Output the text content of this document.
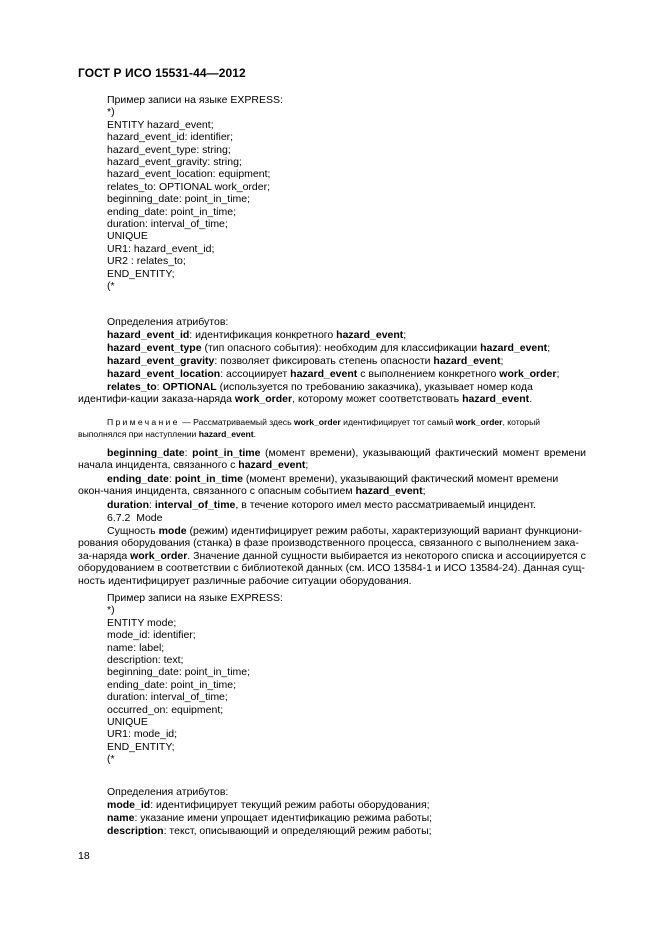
ГОСТ Р ИСО 15531-44—2012
Пример записи на языке EXPRESS:
*)
ENTITY hazard_event;
hazard_event_id: identifier;
hazard_event_type: string;
hazard_event_gravity: string;
hazard_event_location: equipment;
relates_to: OPTIONAL work_order;
beginning_date: point_in_time;
ending_date: point_in_time;
duration: interval_of_time;
UNIQUE
UR1: hazard_event_id;
UR2 : relates_to;
END_ENTITY;
(*
Определения атрибутов:
hazard_event_id: идентификация конкретного hazard_event;
hazard_event_type (тип опасного события): необходим для классификации hazard_event;
hazard_event_gravity: позволяет фиксировать степень опасности hazard_event;
hazard_event_location: ассоциирует hazard_event с выполнением конкретного work_order;
relates_to: OPTIONAL (используется по требованию заказчика), указывает номер кода идентифи-кации заказа-наряда work_order, которому может соответствовать hazard_event.
Примечание — Рассматриваемый здесь work_order идентифицирует тот самый work_order, который выполнялся при наступлении hazard_event.
beginning_date: point_in_time (момент времени), указывающий фактический момент времени начала инцидента, связанного с hazard_event;
ending_date: point_in_time (момент времени), указывающий фактический момент времени окон-чания инцидента, связанного с опасным событием hazard_event;
duration: interval_of_time, в течение которого имел место рассматриваемый инцидент.
6.7.2 Mode
Сущность mode (режим) идентифицирует режим работы, характеризующий вариант функциони-рования оборудования (станка) в фазе производственного процесса, связанного с выполнением зака-за-наряда work_order. Значение данной сущности выбирается из некоторого списка и ассоциируется с оборудованием в соответствии с библиотекой данных (см. ИСО 13584-1 и ИСО 13584-24). Данная сущ-ность идентифицирует различные рабочие ситуации оборудования.
Пример записи на языке EXPRESS:
*)
ENTITY mode;
mode_id: identifier;
name: label;
description: text;
beginning_date: point_in_time;
ending_date: point_in_time;
duration: interval_of_time;
occurred_on: equipment;
UNIQUE
UR1: mode_id;
END_ENTITY;
(*
Определения атрибутов:
mode_id: идентифицирует текущий режим работы оборудования;
name: указание имени упрощает идентификацию режима работы;
description: текст, описывающий и определяющий режим работы;
18
